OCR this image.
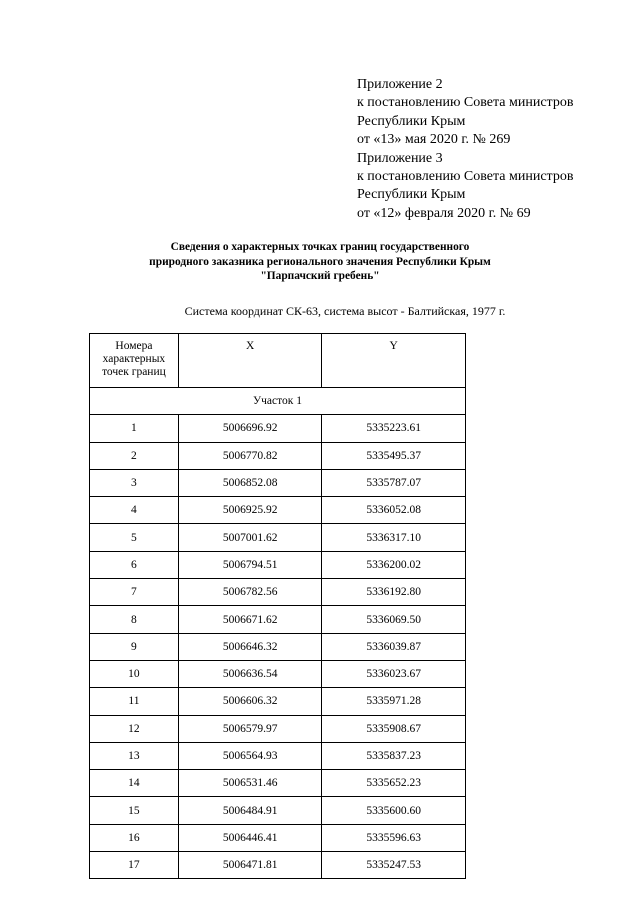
Приложение 2
к постановлению Совета министров
Республики Крым
от «13» мая 2020 г. № 269
Приложение 3
к постановлению Совета министров
Республики Крым
от «12» февраля 2020 г. № 69
Сведения о характерных точках границ государственного
природного заказника регионального значения Республики Крым
"Парпачский гребень"
Система координат СК-63, система высот - Балтийская, 1977 г.
Номера
характерных
точек границ	X	Y
Участок 1		
1	5006696.92	5335223.61
2	5006770.82	5335495.37
3	5006852.08	5335787.07
4	5006925.92	5336052.08
5	5007001.62	5336317.10
6	5006794.51	5336200.02
7	5006782.56	5336192.80
8	5006671.62	5336069.50
9	5006646.32	5336039.87
10	5006636.54	5336023.67
11	5006606.32	5335971.28
12	5006579.97	5335908.67
13	5006564.93	5335837.23
14	5006531.46	5335652.23
15	5006484.91	5335600.60
16	5006446.41	5335596.63
17	5006471.81	5335247.53
